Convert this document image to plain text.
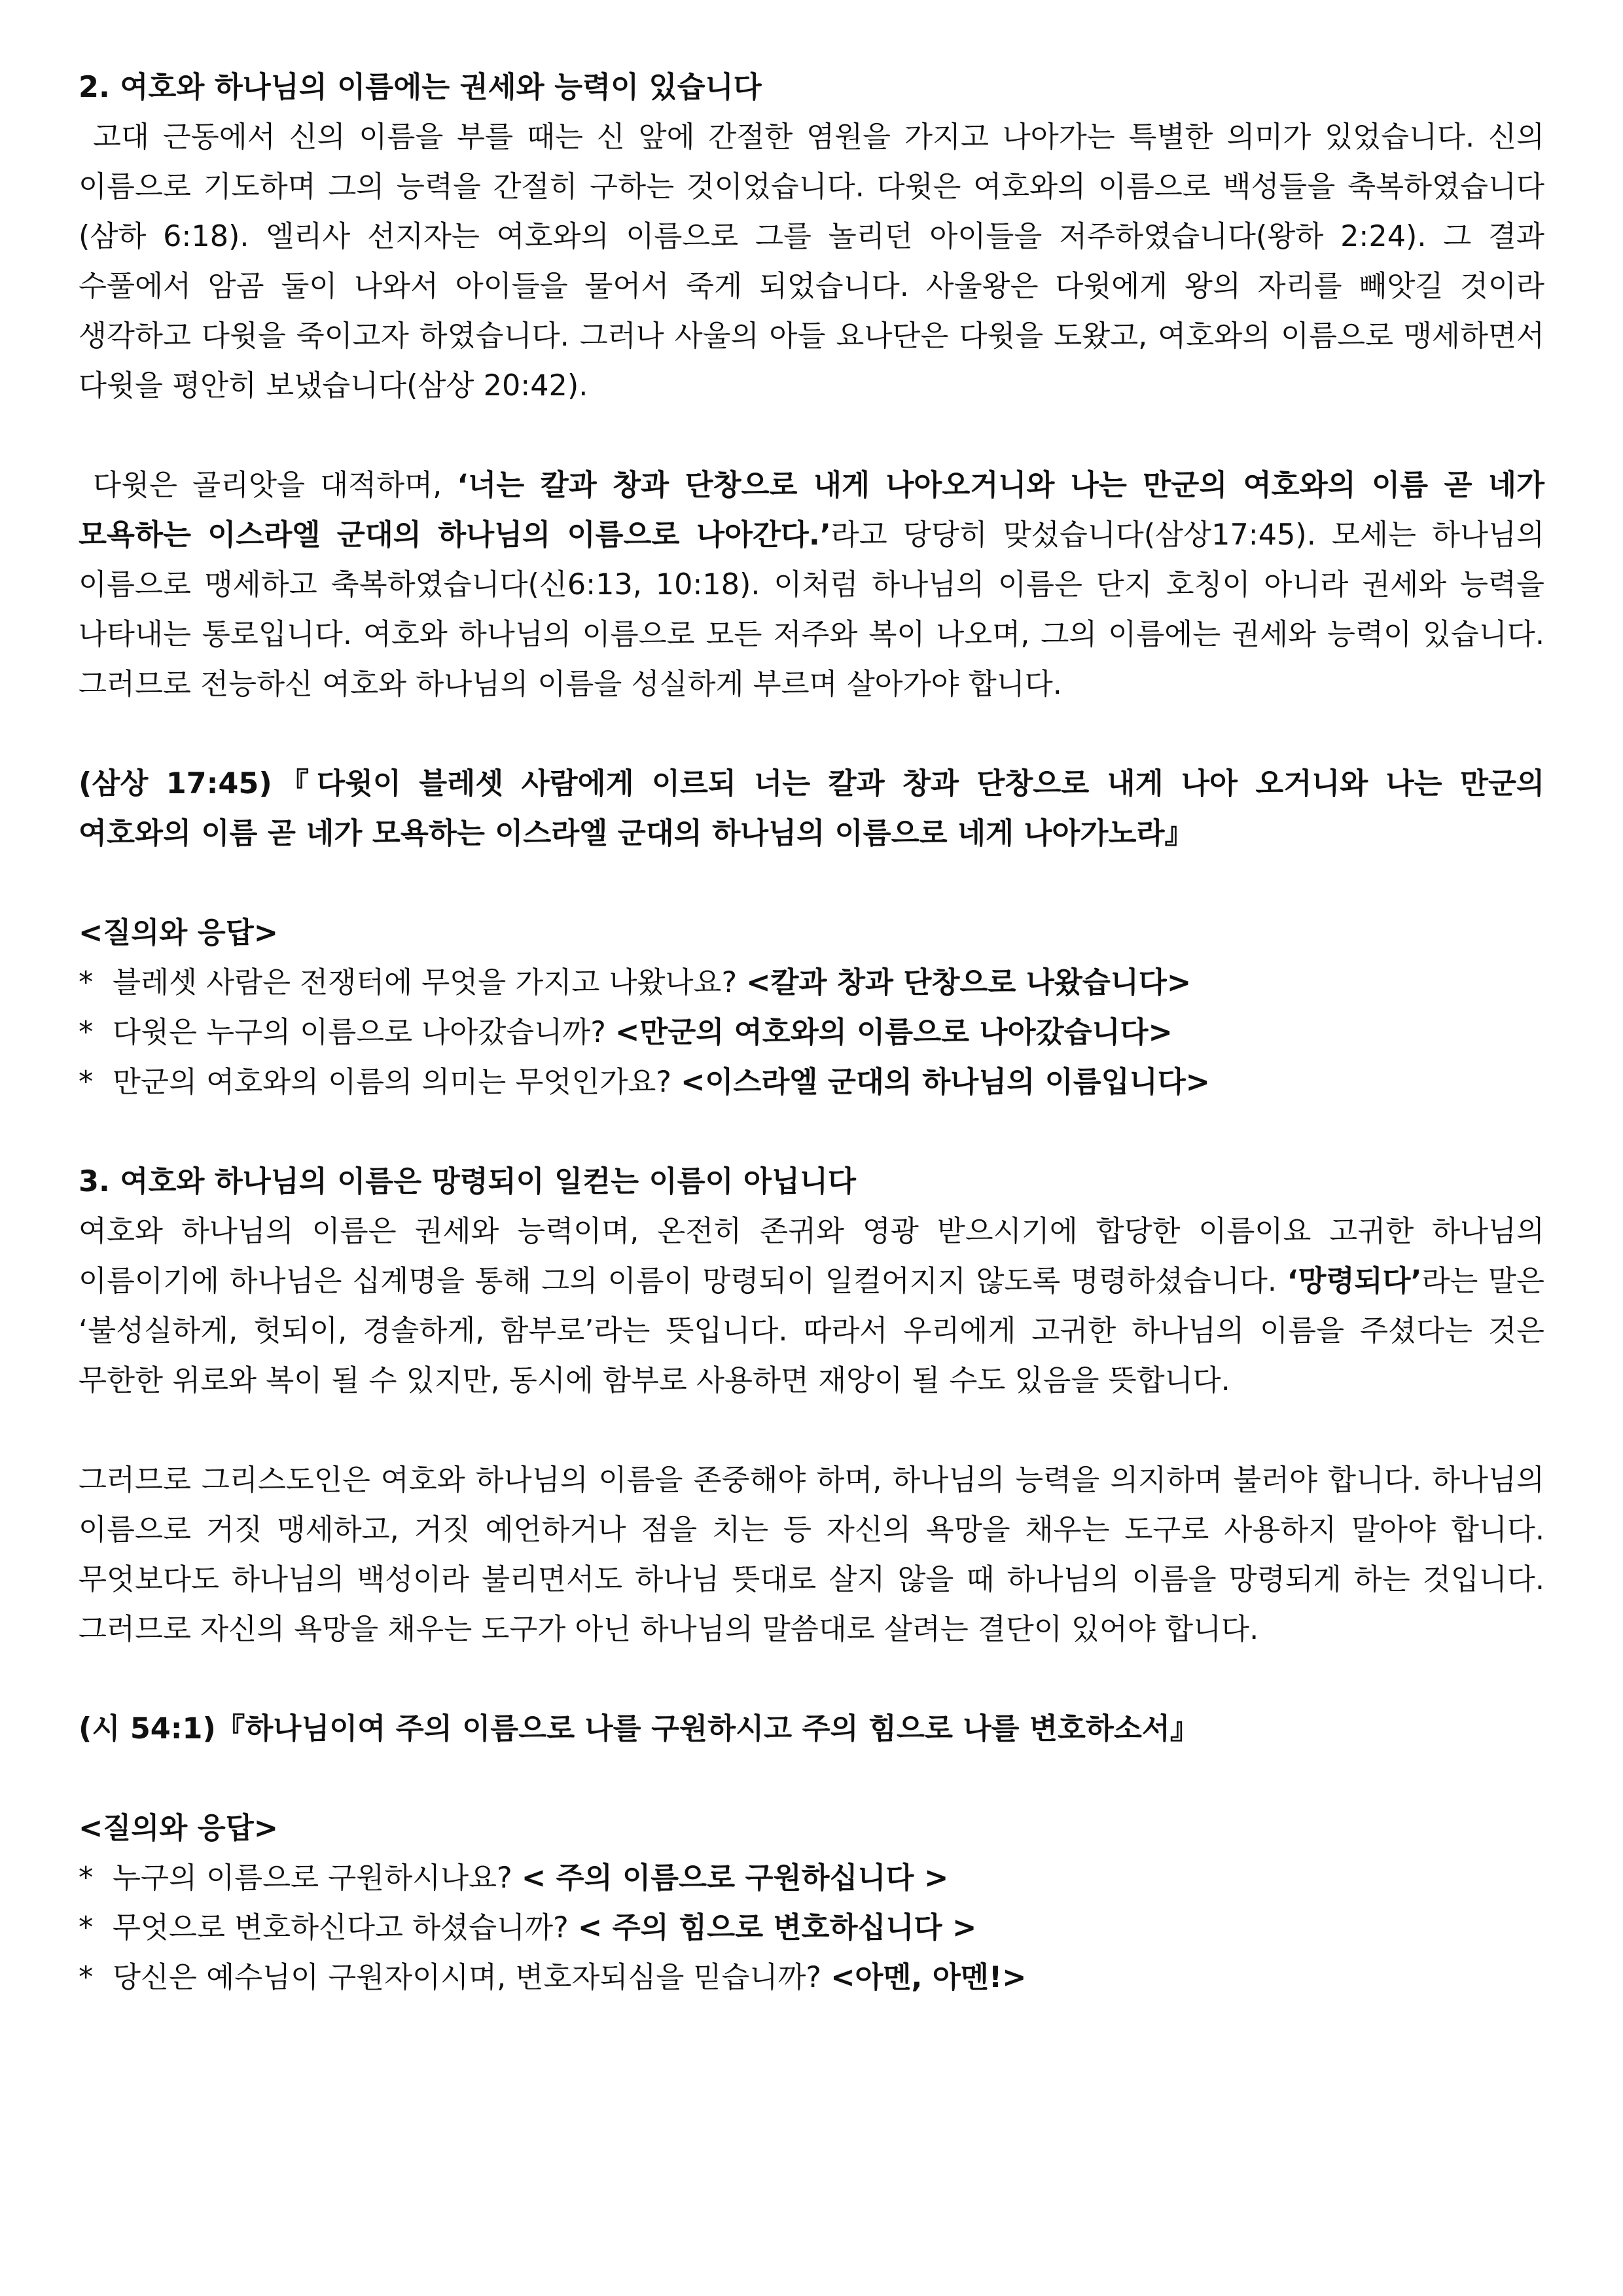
2. 여호와 하나님의 이름에는 권세와 능력이 있습니다

고대 근동에서 신의 이름을 부를 때는 신 앞에 간절한 염원을 가지고 나아가는 특별한 의미가 있었습니다. 신의 이름으로 기도하며 그의 능력을 간절히 구하는 것이었습니다. 다윗은 여호와의 이름으로 백성들을 축복하였습니다(삼하 6:18). 엘리사 선지자는 여호와의 이름으로 그를 놀리던 아이들을 저주하였습니다(왕하 2:24). 그 결과 수풀에서 암곰 둘이 나와서 아이들을 물어서 죽게 되었습니다. 사울왕은 다윗에게 왕의 자리를 빼앗길 것이라 생각하고 다윗을 죽이고자 하였습니다. 그러나 사울의 아들 요나단은 다윗을 도왔고, 여호와의 이름으로 맹세하면서 다윗을 평안히 보냈습니다(삼상 20:42).

다윗은 골리앗을 대적하며, ‘너는 칼과 창과 단창으로 내게 나아오거니와 나는 만군의 여호와의 이름 곧 네가 모욕하는 이스라엘 군대의 하나님의 이름으로 나아간다.’라고 당당히 맞섰습니다(삼상17:45). 모세는 하나님의 이름으로 맹세하고 축복하였습니다(신6:13, 10:18). 이처럼 하나님의 이름은 단지 호칭이 아니라 권세와 능력을 나타내는 통로입니다. 여호와 하나님의 이름으로 모든 저주와 복이 나오며, 그의 이름에는 권세와 능력이 있습니다. 그러므로 전능하신 여호와 하나님의 이름을 성실하게 부르며 살아가야 합니다.

(삼상 17:45)『다윗이 블레셋 사람에게 이르되 너는 칼과 창과 단창으로 내게 나아 오거니와 나는 만군의 여호와의 이름 곧 네가 모욕하는 이스라엘 군대의 하나님의 이름으로 네게 나아가노라』

<질의와 응답>

* 블레셋 사람은 전쟁터에 무엇을 가지고 나왔나요? <칼과 창과 단창으로 나왔습니다>

* 다윗은 누구의 이름으로 나아갔습니까? <만군의 여호와의 이름으로 나아갔습니다>

* 만군의 여호와의 이름의 의미는 무엇인가요? <이스라엘 군대의 하나님의 이름입니다>

3. 여호와 하나님의 이름은 망령되이 일컫는 이름이 아닙니다

여호와 하나님의 이름은 권세와 능력이며, 온전히 존귀와 영광 받으시기에 합당한 이름이요 고귀한 하나님의 이름이기에 하나님은 십계명을 통해 그의 이름이 망령되이 일컬어지지 않도록 명령하셨습니다. ‘망령되다’라는 말은 ‘불성실하게, 헛되이, 경솔하게, 함부로’라는 뜻입니다. 따라서 우리에게 고귀한 하나님의 이름을 주셨다는 것은 무한한 위로와 복이 될 수 있지만, 동시에 함부로 사용하면 재앙이 될 수도 있음을 뜻합니다.

그러므로 그리스도인은 여호와 하나님의 이름을 존중해야 하며, 하나님의 능력을 의지하며 불러야 합니다. 하나님의 이름으로 거짓 맹세하고, 거짓 예언하거나 점을 치는 등 자신의 욕망을 채우는 도구로 사용하지 말아야 합니다. 무엇보다도 하나님의 백성이라 불리면서도 하나님 뜻대로 살지 않을 때 하나님의 이름을 망령되게 하는 것입니다. 그러므로 자신의 욕망을 채우는 도구가 아닌 하나님의 말씀대로 살려는 결단이 있어야 합니다.

(시 54:1)『하나님이여 주의 이름으로 나를 구원하시고 주의 힘으로 나를 변호하소서』

<질의와 응답>

* 누구의 이름으로 구원하시나요? < 주의 이름으로 구원하십니다 >

* 무엇으로 변호하신다고 하셨습니까? < 주의 힘으로 변호하십니다 >

* 당신은 예수님이 구원자이시며, 변호자되심을 믿습니까? <아멘, 아멘!>
